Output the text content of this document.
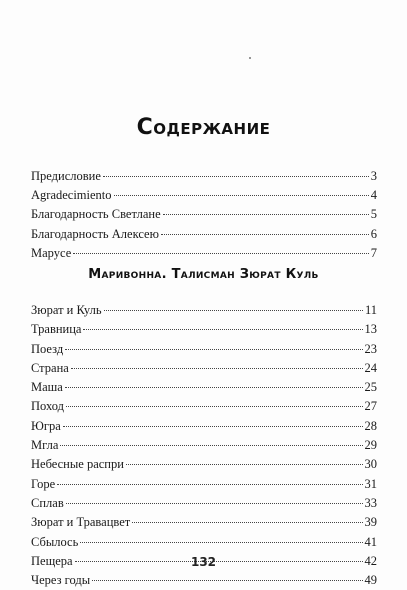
Содержание
Предисловие	3
Agradecimiento	4
Благодарность Светлане	5
Благодарность Алексею	6
Марусе	7
Маривонна. Талисман Зюрат Куль
Зюрат и Куль	11
Травница	13
Поезд	23
Страна	24
Маша	25
Поход	27
Югра	28
Мгла	29
Небесные распри	30
Горе	31
Сплав	33
Зюрат и Травацвет	39
Сбылось	41
Пещера	42
Через годы	49
132
